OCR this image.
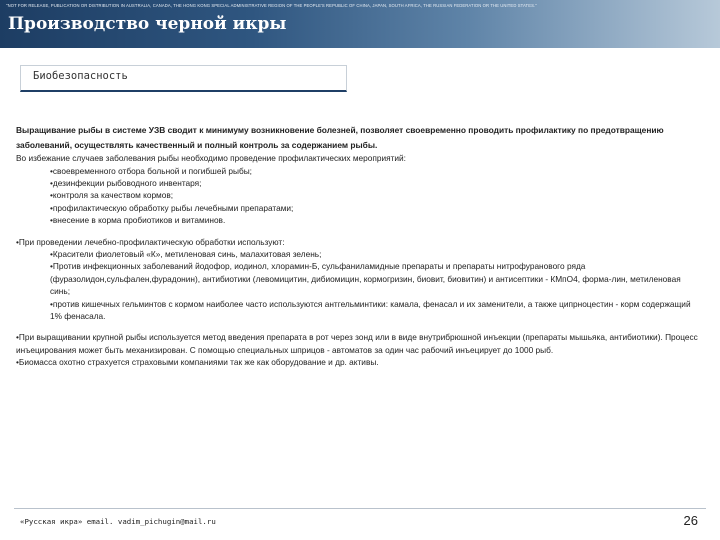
"NOT FOR RELEASE, PUBLICATION OR DISTRIBUTION IN AUSTRALIA, CANADA, THE HONG KONG SPECIAL ADMINISTRATIVE REGION OF THE PEOPLE'S REPUBLIC OF CHINA, JAPAN, SOUTH AFRICA, THE RUSSIAN FEDERATION OR THE UNITED STATES."
Производство черной икры
Биобезопасность

Выращивание рыбы в системе УЗВ сводит к минимуму возникновение болезней, позволяет своевременно проводить профилактику по предотвращению заболеваний, осуществлять качественный и полный контроль за содержанием рыбы.

Во избежание случаев заболевания рыбы необходимо проведение профилактических мероприятий:

•своевременного отбора больной и погибшей рыбы;
•дезинфекции рыбоводного инвентаря;
•контроля за качеством кормов;
•профилактическую обработку рыбы лечебными препаратами;
•внесение в корма пробиотиков и витаминов.

•При проведении лечебно-профилактическую обработки используют:

•Красители фиолетовый «К», метиленовая синь, малахитовая зелень;
•Против инфекционных заболеваний йодофор, иодинол, хлорамин-Б, сульфаниламидные препараты и препараты нитрофуранового ряда (фуразолидон,сульфален,фурадонин), антибиотики (левомицитин, дибиомицин, кормогризин, биовит, биовитин) и антисептики - КМпО4, форма-лин, метиленовая синь;
•против кишечных гельминтов с кормом наиболее часто используются антгельминтики: камала, фенасал и их заменители, а также ципрноцестин - корм содержащий 1% фенасала.

•При выращивании крупной рыбы используется метод введения препарата в рот через зонд или в виде внутрибрюшной инъекции (препараты мышьяка, антибиотики). Процесс инъецирования может быть механизирован. С помощью специальных шприцов - автоматов за один час рабочий инъецирует до 1000 рыб.

•Биомасса охотно страхуется страховыми компаниями так же как оборудование и др. активы.

«Русская икра» email. vadim_pichugin@mail.ru	26
